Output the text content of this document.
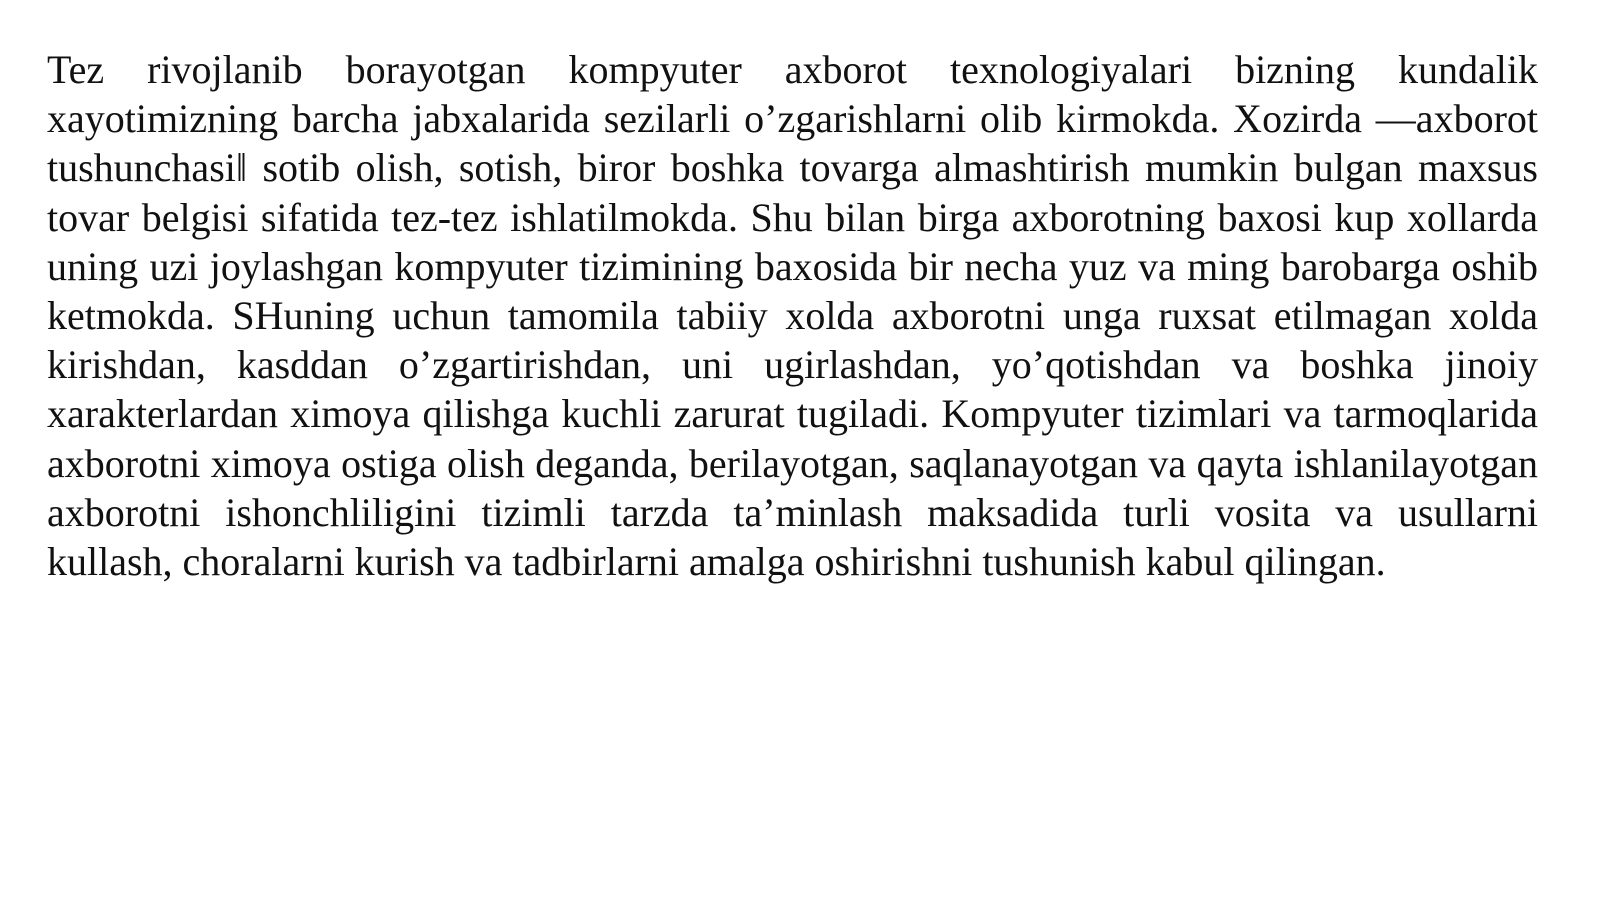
Tez rivojlanib borayotgan kompyuter axborot texnologiyalari bizning kundalik xayotimizning barcha jabxalarida sezilarli o’zgarishlarni olib kirmokda. Xozirda —axborot tushunchasi‖ sotib olish, sotish, biror boshka tovarga almashtirish mumkin bulgan maxsus tovar belgisi sifatida tez-tez ishlatilmokda. Shu bilan birga axborotning baxosi kup xollarda uning uzi joylashgan kompyuter tizimining baxosida bir necha yuz va ming barobarga oshib ketmokda. SHuning uchun tamomila tabiiy xolda axborotni unga ruxsat etilmagan xolda kirishdan, kasddan o’zgartirishdan, uni ugirlashdan, yo’qotishdan va boshka jinoiy xarakterlardan ximoya qilishga kuchli zarurat tugiladi. Kompyuter tizimlari va tarmoqlarida axborotni ximoya ostiga olish deganda, berilayotgan, saqlanayotgan va qayta ishlanilayotgan axborotni ishonchliligini tizimli tarzda ta’minlash maksadida turli vosita va usullarni kullash, choralarni kurish va tadbirlarni amalga oshirishni tushunish kabul qilingan.
